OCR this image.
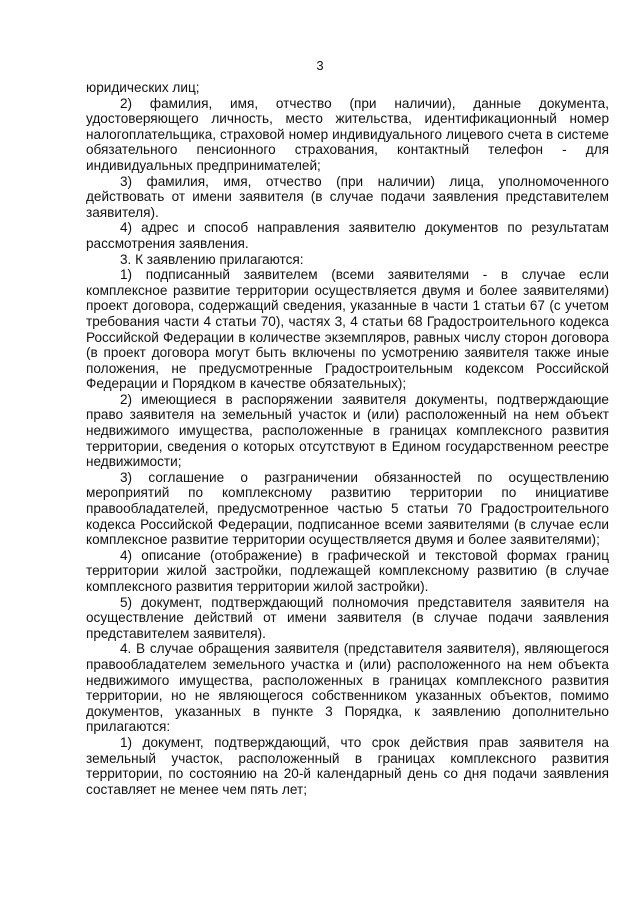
3

юридических лиц;

2) фамилия, имя, отчество (при наличии), данные документа, удостоверяющего личность, место жительства, идентификационный номер налогоплательщика, страховой номер индивидуального лицевого счета в системе обязательного пенсионного страхования, контактный телефон - для индивидуальных предпринимателей;

3) фамилия, имя, отчество (при наличии) лица, уполномоченного действовать от имени заявителя (в случае подачи заявления представителем заявителя).

4) адрес и способ направления заявителю документов по результатам рассмотрения заявления.

3. К заявлению прилагаются:

1) подписанный заявителем (всеми заявителями - в случае если комплексное развитие территории осуществляется двумя и более заявителями) проект договора, содержащий сведения, указанные в части 1 статьи 67 (с учетом требования части 4 статьи 70), частях 3, 4 статьи 68 Градостроительного кодекса Российской Федерации в количестве экземпляров, равных числу сторон договора (в проект договора могут быть включены по усмотрению заявителя также иные положения, не предусмотренные Градостроительным кодексом Российской Федерации и Порядком в качестве обязательных);

2) имеющиеся в распоряжении заявителя документы, подтверждающие право заявителя на земельный участок и (или) расположенный на нем объект недвижимого имущества, расположенные в границах комплексного развития территории, сведения о которых отсутствуют в Едином государственном реестре недвижимости;

3) соглашение о разграничении обязанностей по осуществлению мероприятий по комплексному развитию территории по инициативе правообладателей, предусмотренное частью 5 статьи 70 Градостроительного кодекса Российской Федерации, подписанное всеми заявителями (в случае если комплексное развитие территории осуществляется двумя и более заявителями);

4) описание (отображение) в графической и текстовой формах границ территории жилой застройки, подлежащей комплексному развитию (в случае комплексного развития территории жилой застройки).

5) документ, подтверждающий полномочия представителя заявителя на осуществление действий от имени заявителя (в случае подачи заявления представителем заявителя).

4. В случае обращения заявителя (представителя заявителя), являющегося правообладателем земельного участка и (или) расположенного на нем объекта недвижимого имущества, расположенных в границах комплексного развития территории, но не являющегося собственником указанных объектов, помимо документов, указанных в пункте 3 Порядка, к заявлению дополнительно прилагаются:

1) документ, подтверждающий, что срок действия прав заявителя на земельный участок, расположенный в границах комплексного развития территории, по состоянию на 20-й календарный день со дня подачи заявления составляет не менее чем пять лет;
